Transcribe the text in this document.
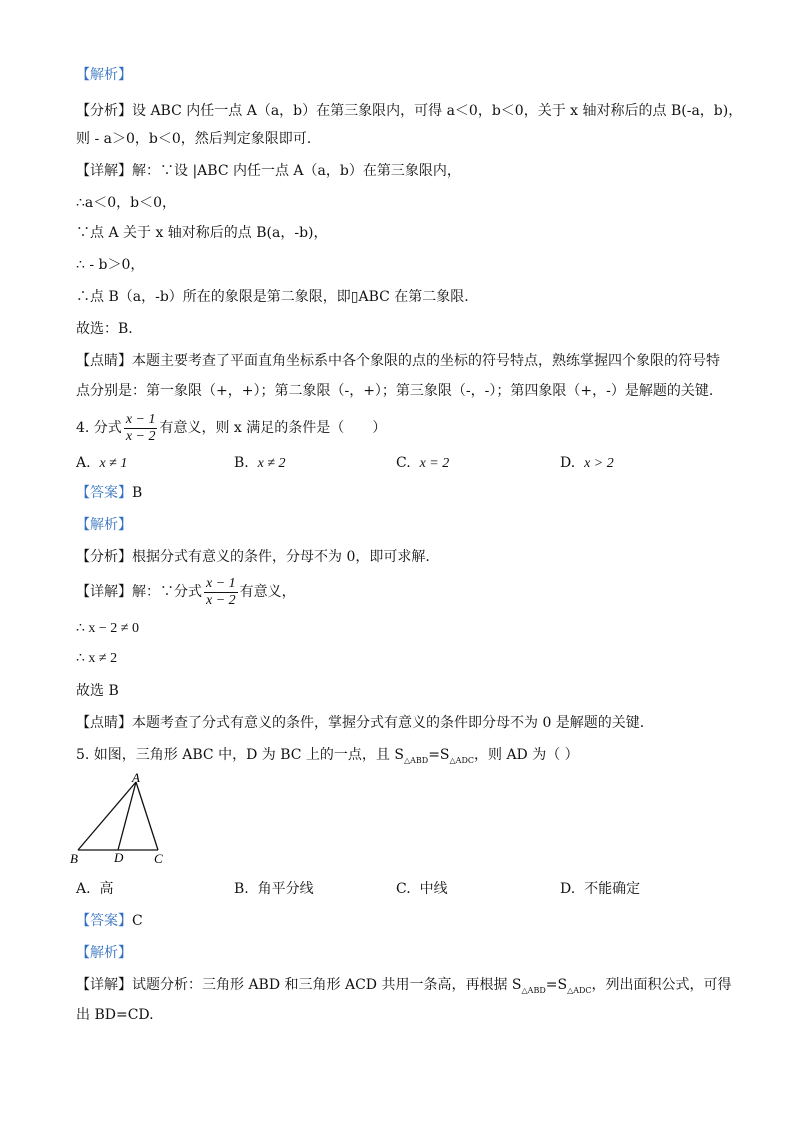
【解析】
【分析】设 ABC 内任一点 A（a，b）在第三象限内，可得 a＜0，b＜0，关于 x 轴对称后的点 B(-a，b)，
则 - a＞0，b＜0，然后判定象限即可.
【详解】解：∵设 |ABC 内任一点 A（a，b）在第三象限内，
∴a＜0，b＜0，
∵点 A 关于 x 轴对称后的点 B(a，-b)，
∴ - b＞0，
∴点 B（a，-b）所在的象限是第二象限，即▯ABC 在第二象限.
故选：B.
【点睛】本题主要考查了平面直角坐标系中各个象限的点的坐标的符号特点，熟练掌握四个象限的符号特
点分别是：第一象限（+，+）；第二象限（-，+）；第三象限（-，-）；第四象限（+，-）是解题的关键.
4. 分式 $\frac{x - 1}{x - 2}$ 有意义，则 x 满足的条件是（　　）
A. x ≠ 1	B. x ≠ 2	C. x = 2	D. x > 2
【答案】B
【解析】
【分析】根据分式有意义的条件，分母不为 0，即可求解.
【详解】解：∵分式 $\frac{x - 1}{x - 2}$ 有意义，
∴ x − 2 ≠ 0
∴ x ≠ 2
故选 B
【点睛】本题考查了分式有意义的条件，掌握分式有意义的条件即分母不为 0 是解题的关键.
5. 如图，三角形 ABC 中，D 为 BC 上的一点，且 $S_{\triangle ABD}=S_{\triangle ADC}$，则 AD 为（ ）
A
B	D C
A. 高	B. 角平分线	C. 中线	D. 不能确定
【答案】C
【解析】
【详解】试题分析：三角形 ABD 和三角形 ACD 共用一条高，再根据 $S_{\triangle ABD}=S_{\triangle ADC}$，列出面积公式，可得
出 BD=CD.
